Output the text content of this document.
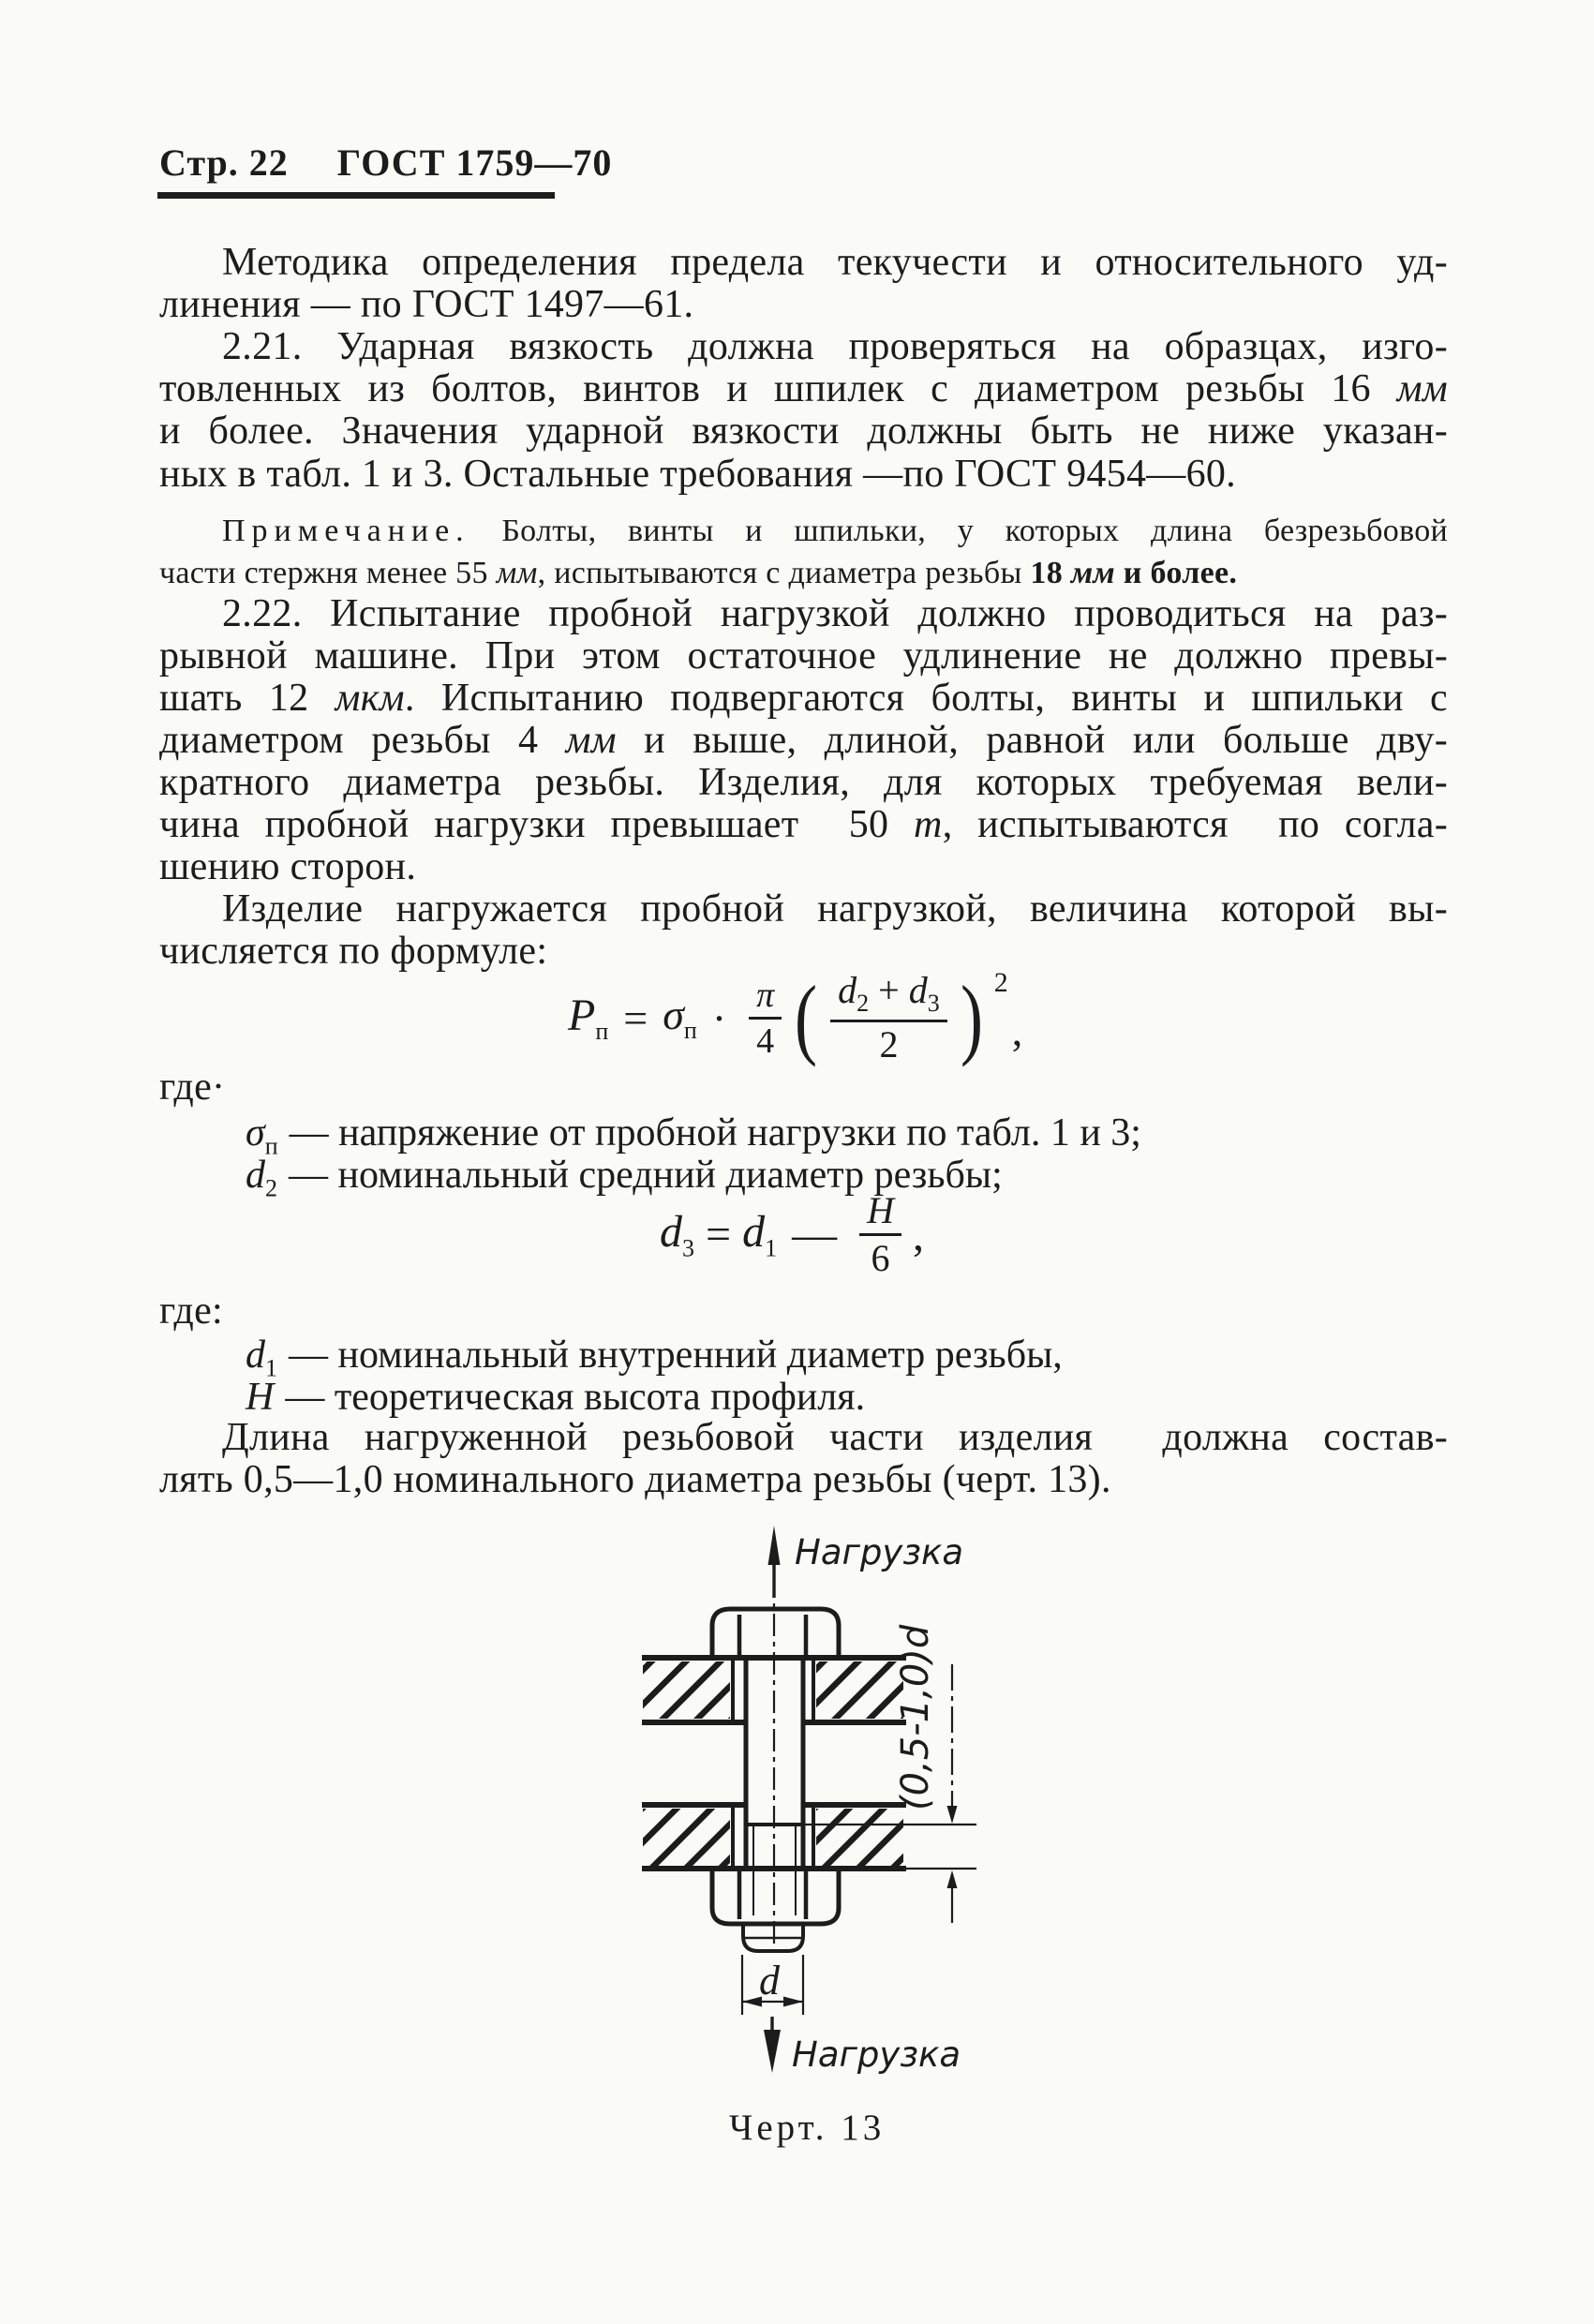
Стр. 22 ГОСТ 1759—70
Методика определения предела текучести и относительного уд-
линения — по ГОСТ 1497—61.
2.21. Ударная вязкость должна проверяться на образцах, изго-
товленных из болтов, винтов и шпилек с диаметром резьбы 16 мм
и более. Значения ударной вязкости должны быть не ниже указан-
ных в табл. 1 и 3. Остальные требования —по ГОСТ 9454—60.
Примечание. Болты, винты и шпильки, у которых длина безрезьбовой
части стержня менее 55 мм, испытываются с диаметра резьбы 18 мм и более.
2.22. Испытание пробной нагрузкой должно проводиться на раз-
рывной машине. При этом остаточное удлинение не должно превы-
шать 12 мкм. Испытанию подвергаются болты, винты и шпильки с
диаметром резьбы 4 мм и выше, длиной, равной или больше дву-
кратного диаметра резьбы. Изделия, для которых требуемая вели-
чина пробной нагрузки превышает  50 т, испытываются  по согла-
шению сторон.
Изделие нагружается пробной нагрузкой, величина которой вы-
числяется по формуле:
где·
где:
Длина нагруженной резьбовой части изделия  должна состав-
лять 0,5—1,0 номинального диаметра резьбы (черт. 13).
$P_п = \sigma_п \cdot \frac{\pi}{4}$ ( $\frac{d_2 + d_3}{2}$ ) 2
,
$\sigma_п$ — напряжение от пробной нагрузки по табл. 1 и 3;
$d_2$ — номинальный средний диаметр резьбы;
$d_3 = d_1$ — $\frac{H}{6}$ ,
$d_1$ — номинальный внутренний диаметр резьбы,
H — теоретическая высота профиля.
Нагрузка
d
Нагрузка
(0,5-1,0)d
Черт. 13
